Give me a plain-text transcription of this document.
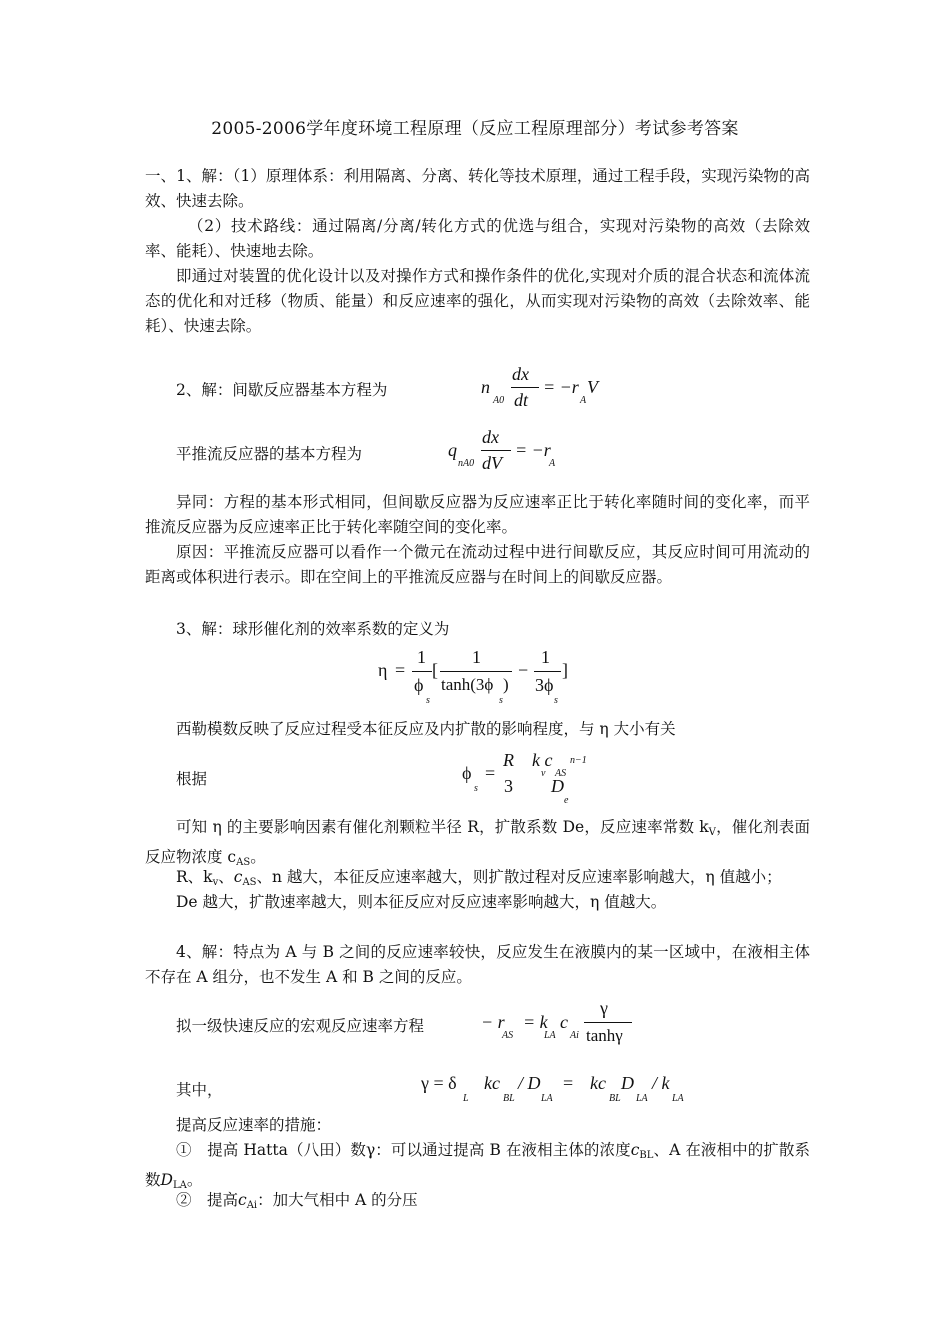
2005-2006学年度环境工程原理（反应工程原理部分）考试参考答案
一、1、解：（1）原理体系：利用隔离、分离、转化等技术原理，通过工程手段，实现污染物的高效、快速去除。
（2）技术路线：通过隔离/分离/转化方式的优选与组合，实现对污染物的高效（去除效率、能耗）、快速地去除。
即通过对装置的优化设计以及对操作方式和操作条件的优化,实现对介质的混合状态和流体流态的优化和对迁移（物质、能量）和反应速率的强化，从而实现对污染物的高效（去除效率、能耗）、快速去除。
2、解：间歇反应器基本方程为	n
A0
dx
dt
= −r
A
V
平推流反应器的基本方程为	q
nA0
dx
dV
= −r
A
异同：方程的基本形式相同，但间歇反应器为反应速率正比于转化率随时间的变化率，而平推流反应器为反应速率正比于转化率随空间的变化率。
原因：平推流反应器可以看作一个微元在流动过程中进行间歇反应，其反应时间可用流动的距离或体积进行表示。即在空间上的平推流反应器与在时间上的间歇反应器。
3、解：球形催化剂的效率系数的定义为
η =
1
ϕ
s
[
1
tanh(3ϕ )
s
−
1
3ϕ
s
]
西勒模数反映了反应过程受本征反应及内扩散的影响程度，与 η 大小有关
根据	ϕ
s
=
R
3
k c
v AS
n−1
D
e
可知 η 的主要影响因素有催化剂颗粒半径 R，扩散系数 De，反应速率常数 $k_V$，催化剂表面反应物浓度 $c_{AS}$。
R、$k_v$、$c_{AS}$、n 越大，本征反应速率越大，则扩散过程对反应速率影响越大，η 值越小；
De 越大，扩散速率越大，则本征反应对反应速率影响越大，η 值越大。
4、解：特点为 A 与 B 之间的反应速率较快，反应发生在液膜内的某一区域中，在液相主体不存在 A 组分，也不发生 A 和 B 之间的反应。
拟一级快速反应的宏观反应速率方程	− r
AS
= k
LA
c
Ai
γ
tanhγ
其中，	γ = δ
L
kc
BL
/ D
LA
= kc
BL
D
LA
/ k
LA
提高反应速率的措施：
①　提高 Hatta（八田）数γ：可以通过提高 B 在液相主体的浓度$c_{BL}$、A 在液相中的扩散系数$D_{LA}$。
②　提高$c_{Ai}$：加大气相中 A 的分压
